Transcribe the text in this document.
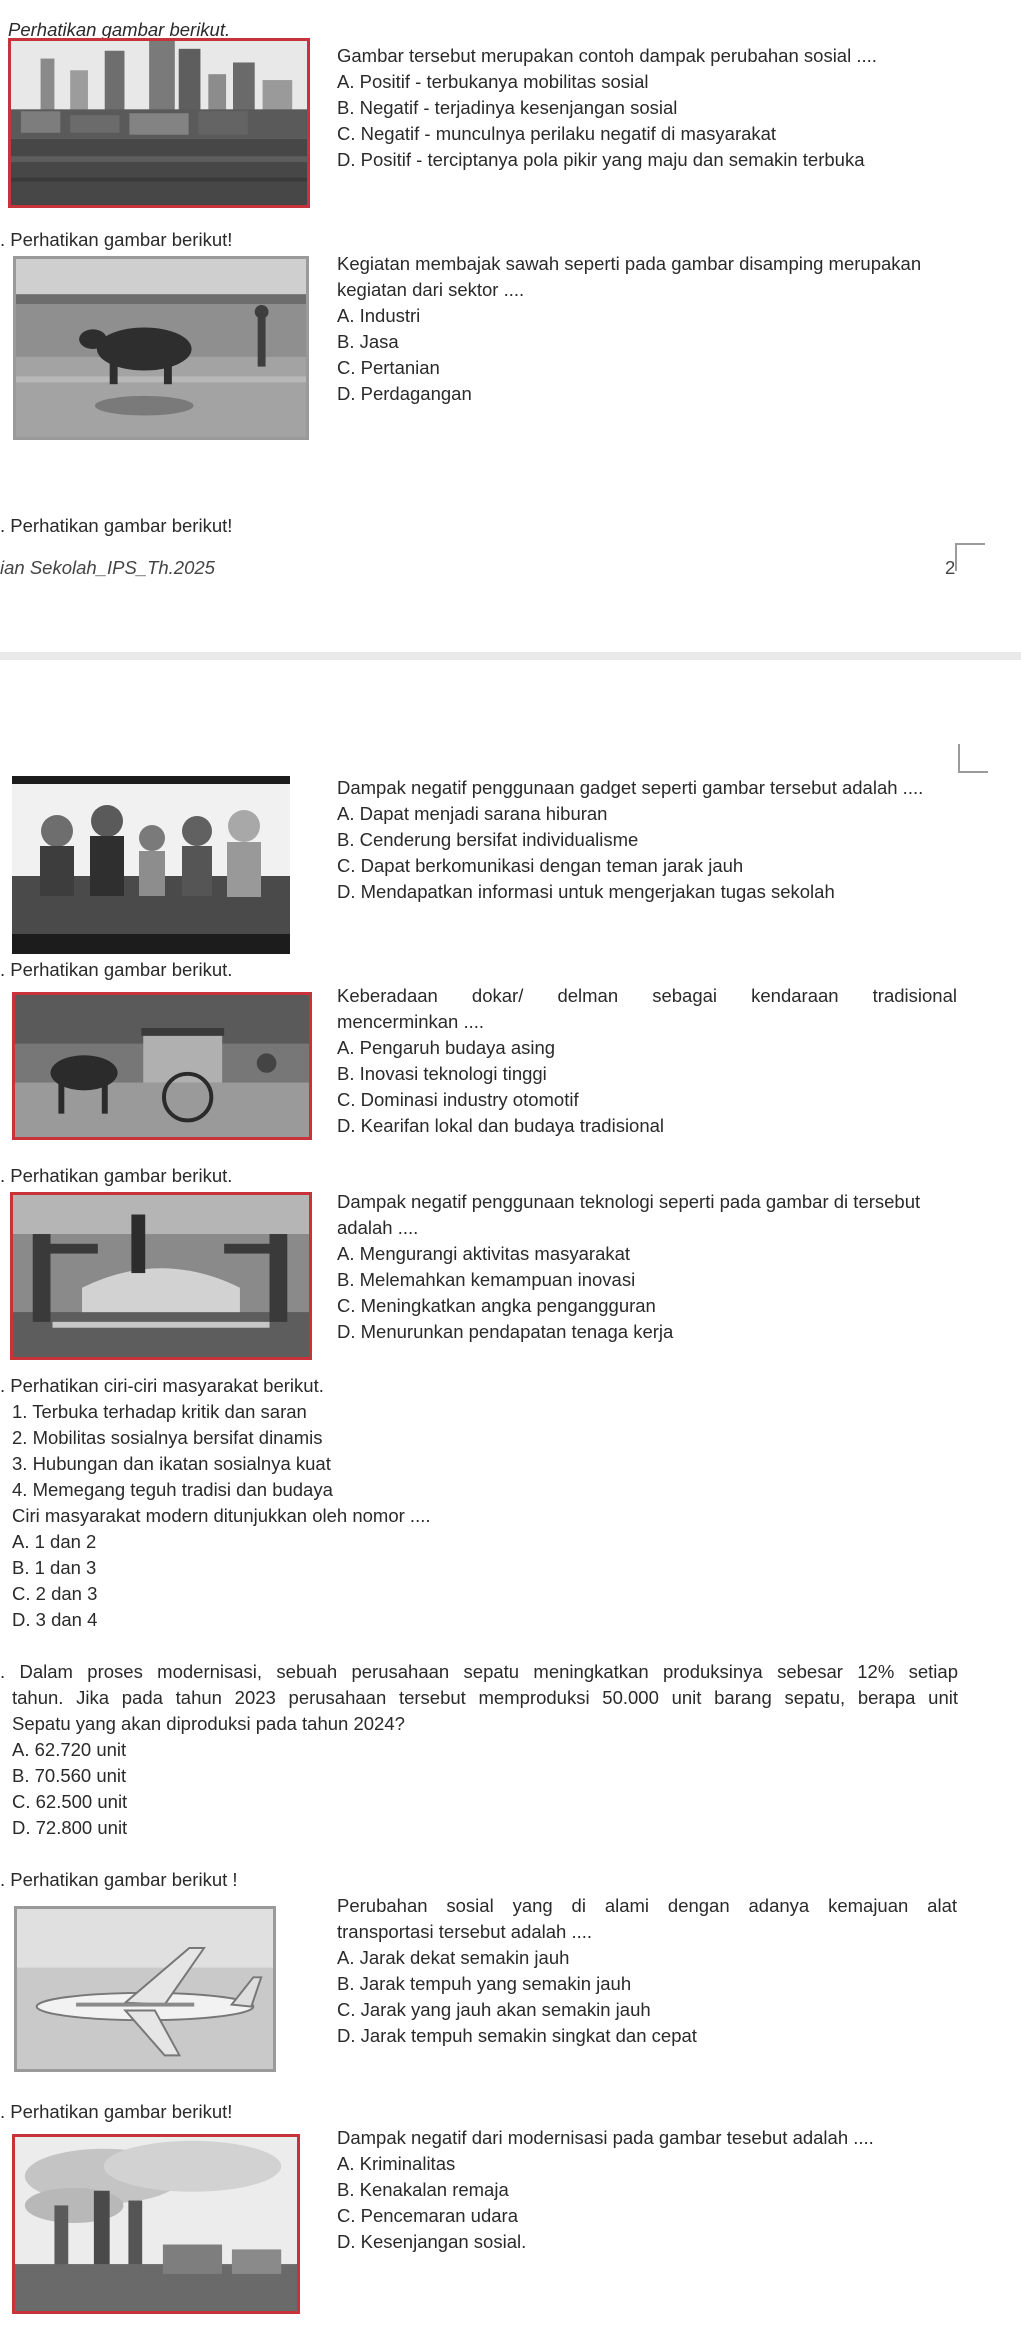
Perhatikan gambar berikut.
Gambar tersebut merupakan contoh dampak perubahan sosial ....
A. Positif - terbukanya mobilitas sosial
B. Negatif - terjadinya kesenjangan sosial
C. Negatif - munculnya perilaku negatif di masyarakat
D. Positif - terciptanya pola pikir yang maju dan semakin terbuka
. Perhatikan gambar berikut!
Kegiatan membajak sawah seperti pada gambar disamping merupakan
kegiatan dari sektor ....
A. Industri
B. Jasa
C. Pertanian
D. Perdagangan
. Perhatikan gambar berikut!
ian Sekolah_IPS_Th.2025	2
Dampak negatif penggunaan gadget seperti gambar tersebut adalah ....
A. Dapat menjadi sarana hiburan
B. Cenderung bersifat individualisme
C. Dapat berkomunikasi dengan teman jarak jauh
D. Mendapatkan informasi untuk mengerjakan tugas sekolah
. Perhatikan gambar berikut.
Keberadaan dokar/ delman sebagai kendaraan tradisional
mencerminkan ....
A. Pengaruh budaya asing
B. Inovasi teknologi tinggi
C. Dominasi industry otomotif
D. Kearifan lokal dan budaya tradisional
. Perhatikan gambar berikut.
Dampak negatif penggunaan teknologi seperti pada gambar di tersebut
adalah ....
A. Mengurangi aktivitas masyarakat
B. Melemahkan kemampuan inovasi
C. Meningkatkan angka pengangguran
D. Menurunkan pendapatan tenaga kerja
. Perhatikan ciri-ciri masyarakat berikut.
1. Terbuka terhadap kritik dan saran
2. Mobilitas sosialnya bersifat dinamis
3. Hubungan dan ikatan sosialnya kuat
4. Memegang teguh tradisi dan budaya
Ciri masyarakat modern ditunjukkan oleh nomor ....
A. 1 dan 2
B. 1 dan 3
C. 2 dan 3
D. 3 dan 4
. Dalam proses modernisasi, sebuah perusahaan sepatu meningkatkan produksinya sebesar 12% setiap
tahun. Jika pada tahun 2023 perusahaan tersebut memproduksi 50.000 unit barang sepatu, berapa unit
Sepatu yang akan diproduksi pada tahun 2024?
A. 62.720 unit
B. 70.560 unit
C. 62.500 unit
D. 72.800 unit
. Perhatikan gambar berikut !
Perubahan sosial yang di alami dengan adanya kemajuan alat
transportasi tersebut adalah ....
A. Jarak dekat semakin jauh
B. Jarak tempuh yang semakin jauh
C. Jarak yang jauh akan semakin jauh
D. Jarak tempuh semakin singkat dan cepat
. Perhatikan gambar berikut!
Dampak negatif dari modernisasi pada gambar tesebut adalah ....
A. Kriminalitas
B. Kenakalan remaja
C. Pencemaran udara
D. Kesenjangan sosial.
